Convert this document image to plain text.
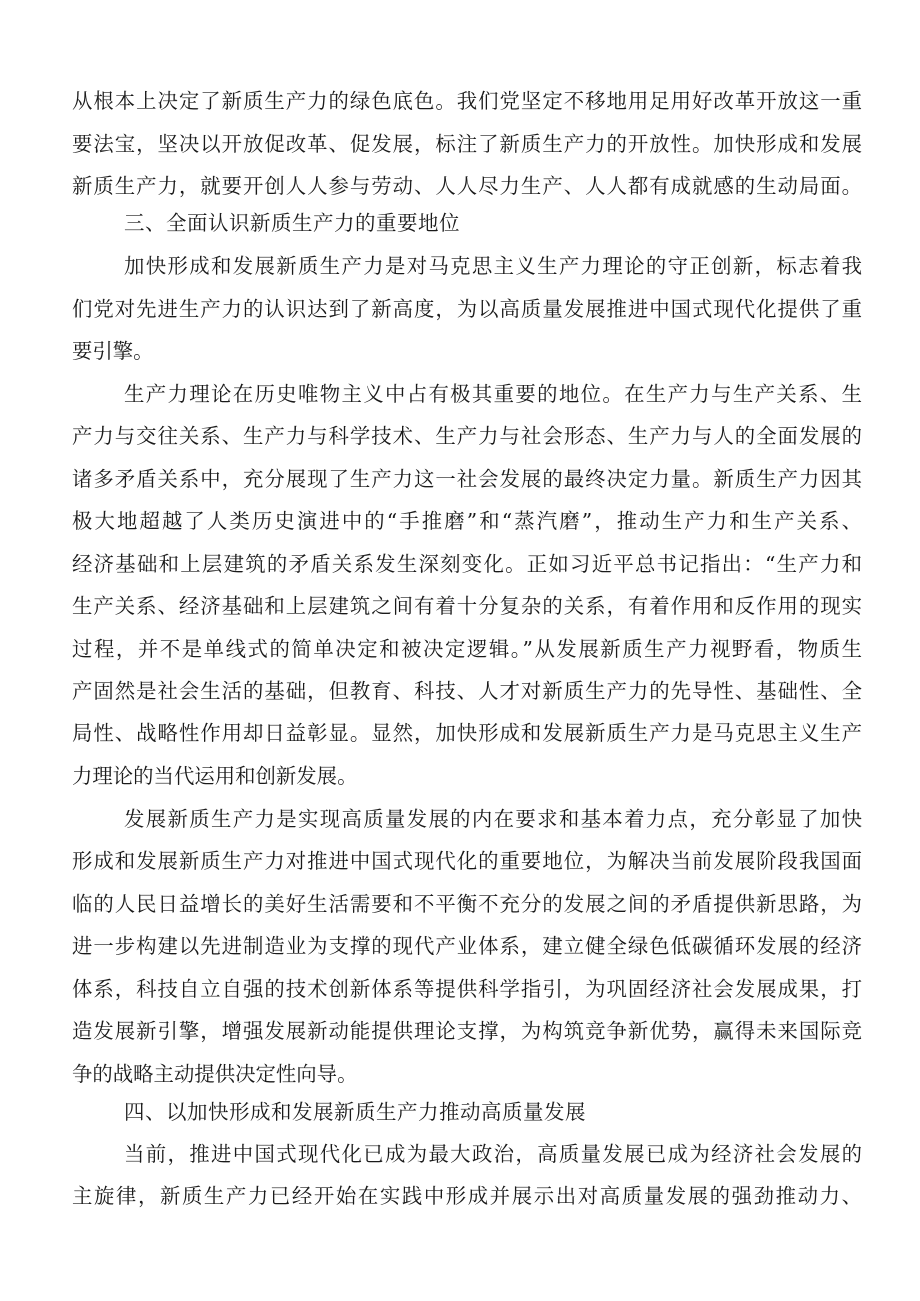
从根本上决定了新质生产力的绿色底色。我们党坚定不移地用足用好改革开放这一重
要法宝，坚决以开放促改革、促发展，标注了新质生产力的开放性。加快形成和发展
新质生产力，就要开创人人参与劳动、人人尽力生产、人人都有成就感的生动局面。
三、全面认识新质生产力的重要地位
加快形成和发展新质生产力是对马克思主义生产力理论的守正创新，标志着我
们党对先进生产力的认识达到了新高度，为以高质量发展推进中国式现代化提供了重
要引擎。
生产力理论在历史唯物主义中占有极其重要的地位。在生产力与生产关系、生
产力与交往关系、生产力与科学技术、生产力与社会形态、生产力与人的全面发展的
诸多矛盾关系中，充分展现了生产力这一社会发展的最终决定力量。新质生产力因其
极大地超越了人类历史演进中的“手推磨”和“蒸汽磨”，推动生产力和生产关系、
经济基础和上层建筑的矛盾关系发生深刻变化。正如习近平总书记指出：“生产力和
生产关系、经济基础和上层建筑之间有着十分复杂的关系，有着作用和反作用的现实
过程，并不是单线式的简单决定和被决定逻辑。”从发展新质生产力视野看，物质生
产固然是社会生活的基础，但教育、科技、人才对新质生产力的先导性、基础性、全
局性、战略性作用却日益彰显。显然，加快形成和发展新质生产力是马克思主义生产
力理论的当代运用和创新发展。
发展新质生产力是实现高质量发展的内在要求和基本着力点，充分彰显了加快
形成和发展新质生产力对推进中国式现代化的重要地位，为解决当前发展阶段我国面
临的人民日益增长的美好生活需要和不平衡不充分的发展之间的矛盾提供新思路，为
进一步构建以先进制造业为支撑的现代产业体系，建立健全绿色低碳循环发展的经济
体系，科技自立自强的技术创新体系等提供科学指引，为巩固经济社会发展成果，打
造发展新引擎，增强发展新动能提供理论支撑，为构筑竞争新优势，赢得未来国际竞
争的战略主动提供决定性向导。
四、以加快形成和发展新质生产力推动高质量发展
当前，推进中国式现代化已成为最大政治，高质量发展已成为经济社会发展的
主旋律，新质生产力已经开始在实践中形成并展示出对高质量发展的强劲推动力、
